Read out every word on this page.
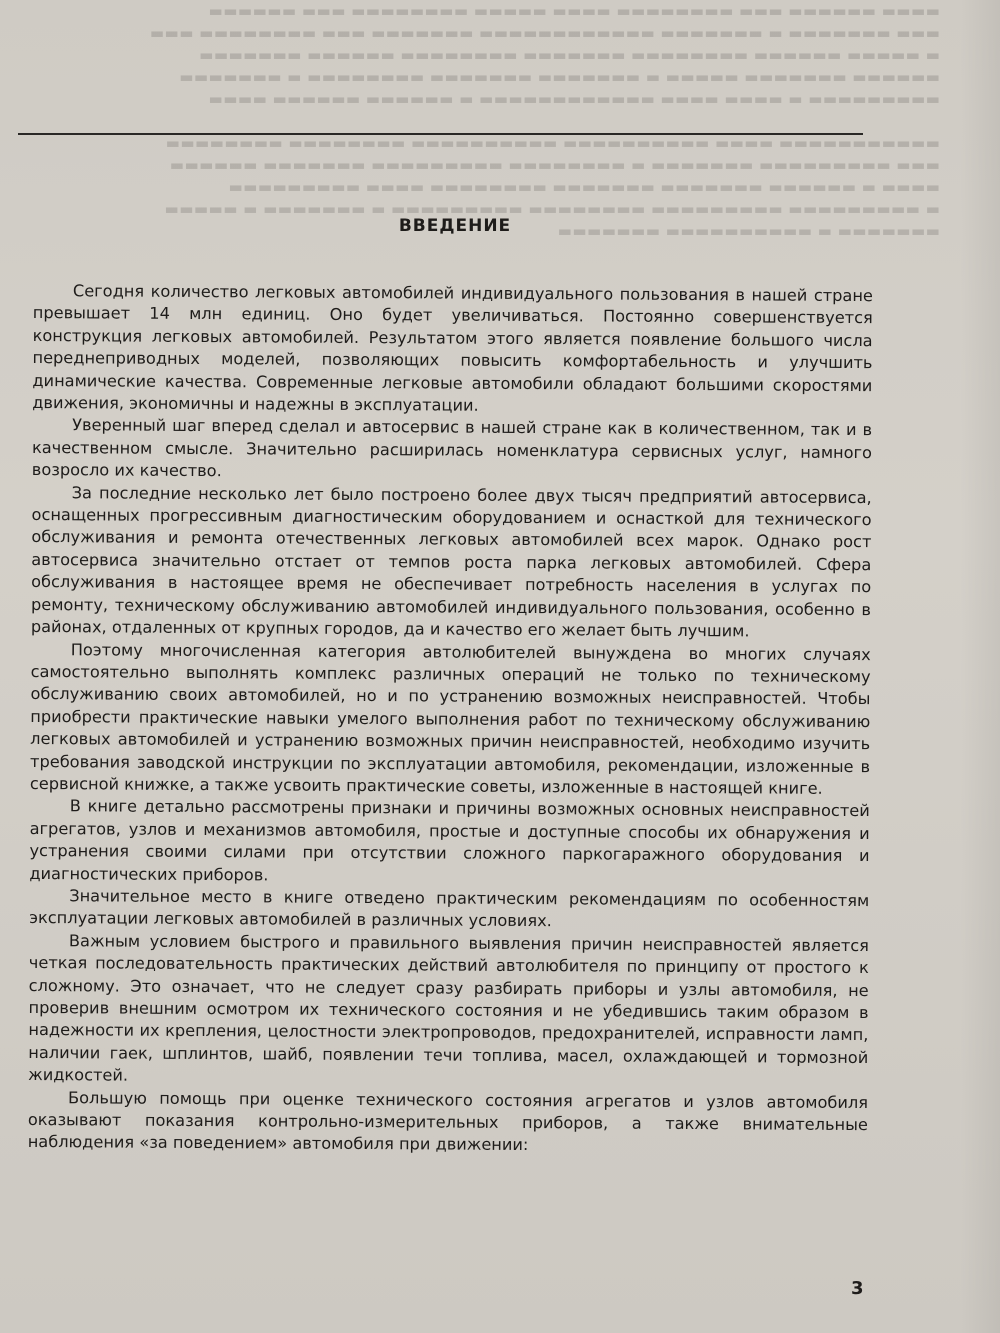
▬▬▬▬ ▬▬▬▬▬▬ ▬▬▬ ▬▬▬▬▬▬▬▬ ▬▬▬▬ ▬▬▬▬▬ ▬▬▬▬▬▬▬▬ ▬▬▬ ▬▬▬▬▬▬

▬▬▬ ▬▬▬▬▬▬▬ ▬ ▬▬▬▬▬▬▬ ▬▬▬▬▬▬▬▬▬▬▬▬ ▬▬▬▬▬▬▬ ▬▬▬ ▬▬▬▬▬▬▬▬ ▬▬▬

▬ ▬▬▬▬▬ ▬▬▬▬▬▬ ▬▬▬▬▬▬▬▬ ▬▬▬▬▬▬▬ ▬▬▬▬▬▬▬▬ ▬▬▬▬▬▬ ▬▬▬▬▬▬▬

▬▬▬▬▬▬ ▬▬▬▬▬▬▬ ▬▬▬▬▬ ▬ ▬▬▬▬▬▬▬ ▬▬▬▬▬▬▬ ▬▬▬▬▬▬▬▬ ▬ ▬▬▬▬▬▬▬

▬▬▬▬▬▬▬▬▬ ▬ ▬▬▬▬ ▬▬▬▬ ▬▬▬▬▬▬▬▬▬▬▬▬ ▬ ▬▬▬▬▬▬ ▬▬▬▬▬▬ ▬▬▬▬

▬▬▬▬▬▬▬▬▬▬▬ ▬▬▬▬ ▬▬▬▬▬▬▬▬▬▬ ▬▬▬▬▬▬▬▬▬▬ ▬▬▬▬▬▬▬▬ ▬▬▬▬▬▬▬▬

▬▬▬ ▬▬▬▬▬▬▬▬▬ ▬▬▬▬▬▬▬ ▬ ▬▬▬▬▬▬▬▬ ▬▬▬▬▬▬▬▬▬ ▬▬▬▬▬▬▬ ▬▬▬▬▬▬

▬▬▬▬ ▬ ▬▬▬▬▬▬ ▬▬▬▬▬▬▬ ▬▬▬▬▬▬▬ ▬▬▬▬▬▬▬▬ ▬▬▬▬ ▬▬▬▬▬▬▬▬▬

▬ ▬▬▬▬▬▬▬▬▬ ▬▬▬▬▬▬▬▬▬ ▬▬▬▬▬▬▬▬ ▬▬▬▬▬▬▬▬▬ ▬ ▬▬▬▬▬▬▬ ▬ ▬▬▬▬▬

▬▬▬▬▬▬▬ ▬ ▬▬▬▬▬▬▬▬▬▬ ▬▬▬▬▬▬▬

ВВЕДЕНИЕ

Сегодня количество легковых автомобилей индивидуального пользования в нашей стране превышает 14 млн единиц. Оно будет увеличиваться. Постоянно совершенствуется конструкция легковых автомобилей. Результатом этого является появление большого числа переднеприводных моделей, позволяющих повысить комфортабельность и улучшить динамические качества. Современные легковые автомобили обладают большими скоростями движения, экономичны и надежны в эксплуатации.

Уверенный шаг вперед сделал и автосервис в нашей стране как в количественном, так и в качественном смысле. Значительно расширилась номенклатура сервисных услуг, намного возросло их качество.

За последние несколько лет было построено более двух тысяч предприятий автосервиса, оснащенных прогрессивным диагностическим оборудованием и оснасткой для технического обслуживания и ремонта отечественных легковых автомобилей всех марок. Однако рост автосервиса значительно отстает от темпов роста парка легковых автомобилей. Сфера обслуживания в настоящее время не обеспечивает потребность населения в услугах по ремонту, техническому обслуживанию автомобилей индивидуального пользования, особенно в районах, отдаленных от крупных городов, да и качество его желает быть лучшим.

Поэтому многочисленная категория автолюбителей вынуждена во многих случаях самостоятельно выполнять комплекс различных операций не только по техническому обслуживанию своих автомобилей, но и по устранению возможных неисправностей. Чтобы приобрести практические навыки умелого выполнения работ по техническому обслуживанию легковых автомобилей и устранению возможных причин неисправностей, необходимо изучить требования заводской инструкции по эксплуатации автомобиля, рекомендации, изложенные в сервисной книжке, а также усвоить практические советы, изложенные в настоящей книге.

В книге детально рассмотрены признаки и причины возможных основных неисправностей агрегатов, узлов и механизмов автомобиля, простые и доступные способы их обнаружения и устранения своими силами при отсутствии сложного паркогаражного оборудования и диагностических приборов.

Значительное место в книге отведено практическим рекомендациям по особенностям эксплуатации легковых автомобилей в различных условиях.

Важным условием быстрого и правильного выявления причин неисправностей является четкая последовательность практических действий автолюбителя по принципу от простого к сложному. Это означает, что не следует сразу разбирать приборы и узлы автомобиля, не проверив внешним осмотром их технического состояния и не убедившись таким образом в надежности их крепления, целостности электропроводов, предохранителей, исправности ламп, наличии гаек, шплинтов, шайб, появлении течи топлива, масел, охлаждающей и тормозной жидкостей.

Большую помощь при оценке технического состояния агрегатов и узлов автомобиля оказывают показания контрольно-измерительных приборов, а также внимательные наблюдения «за поведением» автомобиля при движении:

3
